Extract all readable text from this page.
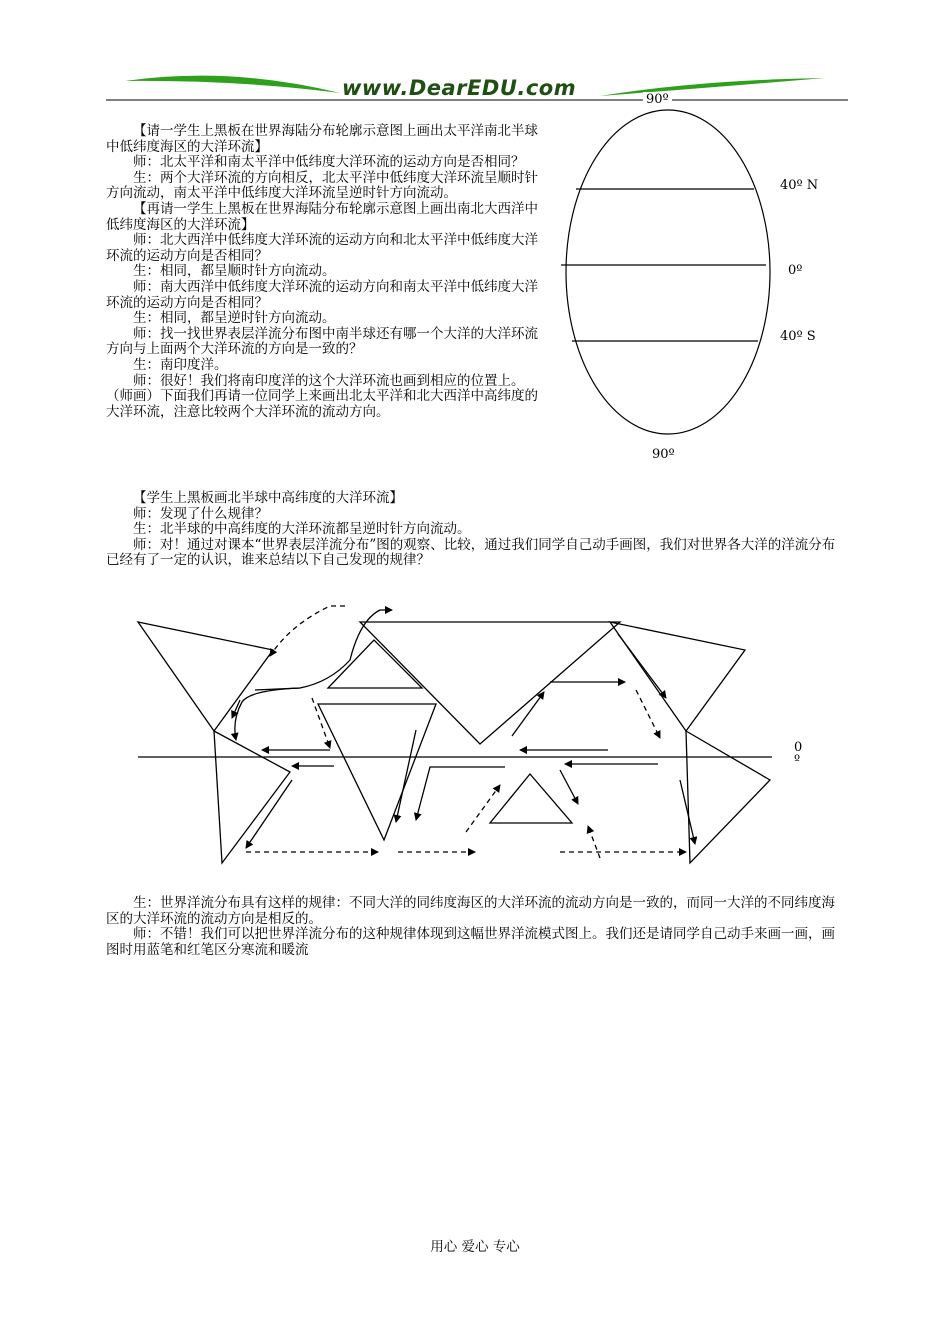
www.DearEDU.com	90º
40º N
0º
40º S
90º

【请一学生上黑板在世界海陆分布轮廓示意图上画出太平洋南北半球中低纬度海区的大洋环流】

师：北太平洋和南太平洋中低纬度大洋环流的运动方向是否相同？

生：两个大洋环流的方向相反，北太平洋中低纬度大洋环流呈顺时针方向流动，南太平洋中低纬度大洋环流呈逆时针方向流动。

【再请一学生上黑板在世界海陆分布轮廓示意图上画出南北大西洋中低纬度海区的大洋环流】

师：北大西洋中低纬度大洋环流的运动方向和北太平洋中低纬度大洋环流的运动方向是否相同？

生：相同，都呈顺时针方向流动。

师：南大西洋中低纬度大洋环流的运动方向和南太平洋中低纬度大洋环流的运动方向是否相同？

生：相同，都呈逆时针方向流动。

师：找一找世界表层洋流分布图中南半球还有哪一个大洋的大洋环流方向与上面两个大洋环流的方向是一致的？

生：南印度洋。

师：很好！我们将南印度洋的这个大洋环流也画到相应的位置上。（师画）下面我们再请一位同学上来画出北太平洋和北大西洋中高纬度的大洋环流，注意比较两个大洋环流的流动方向。

【学生上黑板画北半球中高纬度的大洋环流】

师：发现了什么规律？

生：北半球的中高纬度的大洋环流都呈逆时针方向流动。

师：对！通过对课本“世界表层洋流分布”图的观察、比较，通过我们同学自己动手画图，我们对世界各大洋的洋流分布已经有了一定的认识，谁来总结以下自己发现的规律？

0
º

生：世界洋流分布具有这样的规律：不同大洋的同纬度海区的大洋环流的流动方向是一致的，而同一大洋的不同纬度海区的大洋环流的流动方向是相反的。

师：不错！我们可以把世界洋流分布的这种规律体现到这幅世界洋流模式图上。我们还是请同学自己动手来画一画，画图时用蓝笔和红笔区分寒流和暖流

用心 爱心 专心
